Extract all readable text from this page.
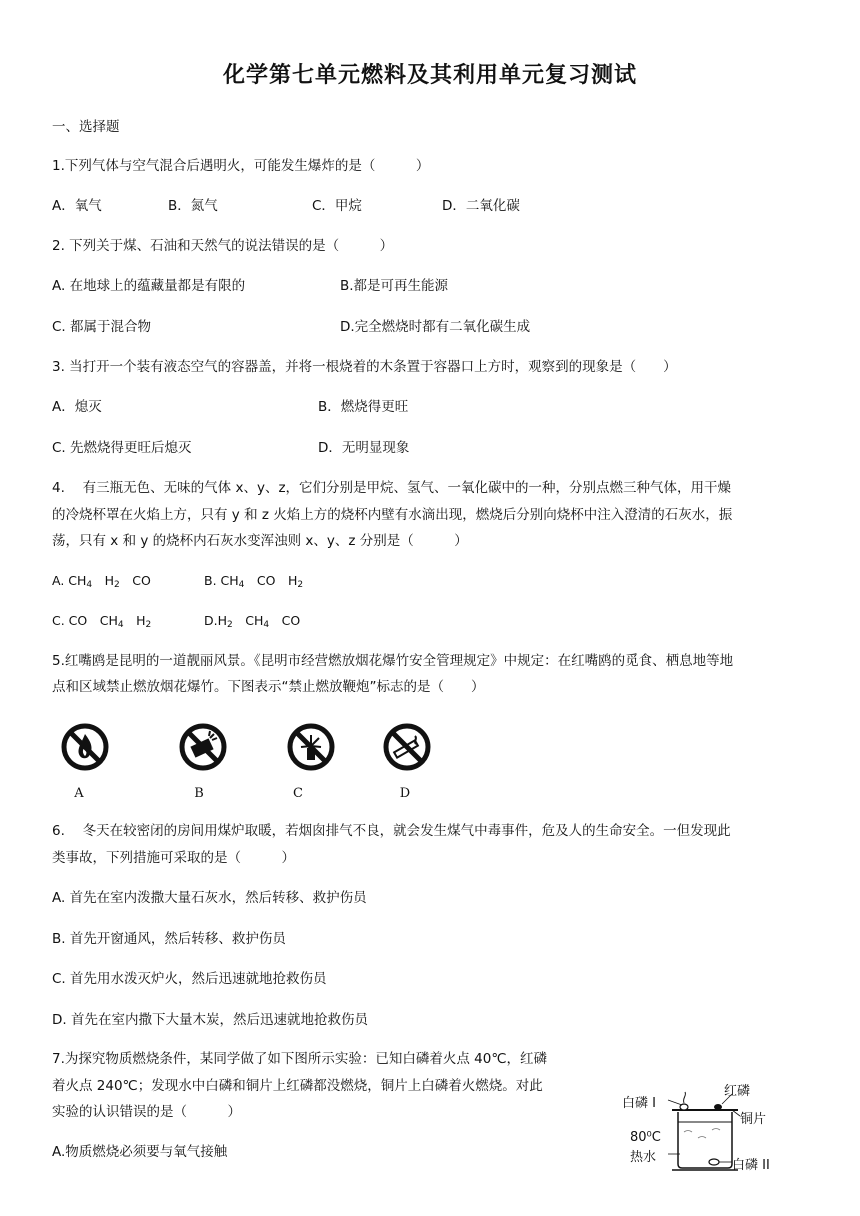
化学第七单元燃料及其利用单元复习测试
一、选择题
1.下列气体与空气混合后遇明火，可能发生爆炸的是（　　　）
A．氧气	B．氮气	C．甲烷	D．二氧化碳
2. 下列关于煤、石油和天然气的说法错误的是（　　　）
A. 在地球上的蕴藏量都是有限的	B.都是可再生能源
C. 都属于混合物	D.完全燃烧时都有二氧化碳生成
3. 当打开一个装有液态空气的容器盖，并将一根烧着的木条置于容器口上方时，观察到的现象是（　　）
A．熄灭	B．燃烧得更旺
C. 先燃烧得更旺后熄灭	D．无明显现象
4.　 有三瓶无色、无味的气体 x、y、z，它们分别是甲烷、氢气、一氧化碳中的一种，分别点燃三种气体，用干燥
的冷烧杯罩在火焰上方，只有 y 和 z 火焰上方的烧杯内壁有水滴出现，燃烧后分别向烧杯中注入澄清的石灰水，振
荡，只有 x 和 y 的烧杯内石灰水变浑浊则 x、y、z 分别是（　　　）
A. $CH_4$　$H_2$　CO	B. $CH_4$　CO　$H_2$
C. CO　$CH_4$　$H_2$	$D.H_2$　$CH_4$　CO
5.红嘴鸥是昆明的一道靓丽风景。《昆明市经营燃放烟花爆竹安全管理规定》中规定：在红嘴鸥的觅食、栖息地等地
点和区域禁止燃放烟花爆竹。下图表示“禁止燃放鞭炮”标志的是（　　）
A	B	C	D
6.　 冬天在较密闭的房间用煤炉取暖，若烟囱排气不良，就会发生煤气中毒事件，危及人的生命安全。一但发现此
类事故，下列措施可采取的是（　　　）
A. 首先在室内泼撒大量石灰水，然后转移、救护伤员
B. 首先开窗通风，然后转移、救护伤员
C. 首先用水泼灭炉火，然后迅速就地抢救伤员
D. 首先在室内撒下大量木炭，然后迅速就地抢救伤员
7.为探究物质燃烧条件，某同学做了如下图所示实验：已知白磷着火点 40℃，红磷
着火点 240℃；发现水中白磷和铜片上红磷都没燃烧，铜片上白磷着火燃烧。对此
实验的认识错误的是（　　　）
A.物质燃烧必须要与氧气接触
白磷 I
红磷
铜片
80⁰C
热水
白磷 II
